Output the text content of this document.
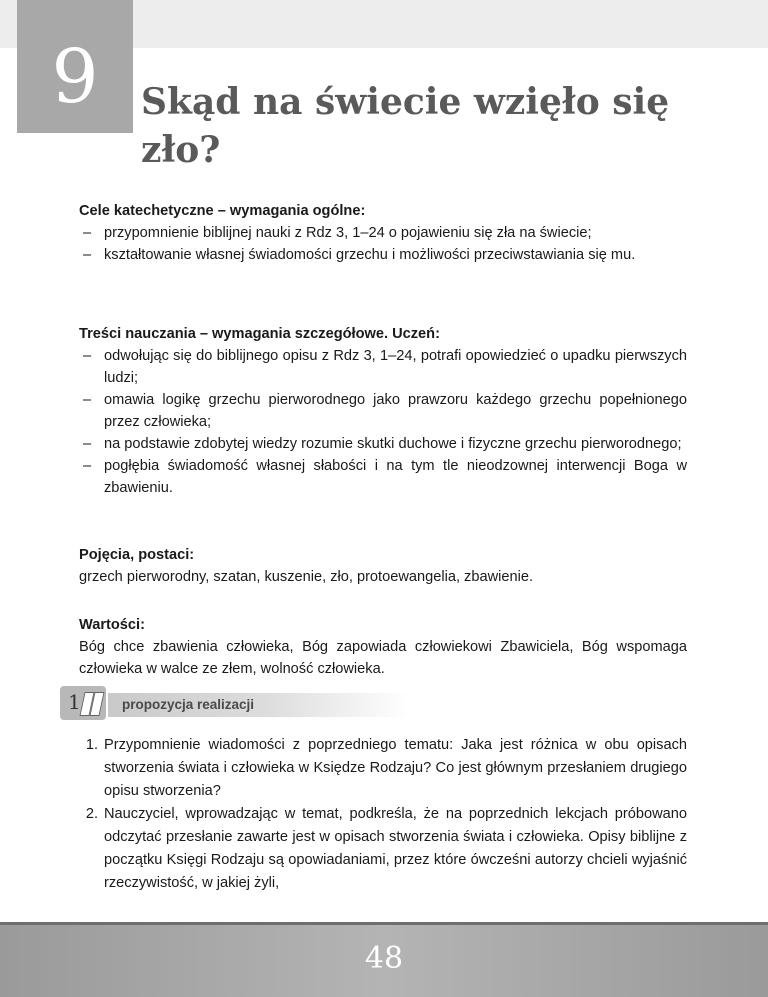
9	Skąd na świecie wzięło się zło?

Cele katechetyczne – wymagania ogólne:

– przypomnienie biblijnej nauki z Rdz 3, 1–24 o pojawieniu się zła na świecie;
– kształtowanie własnej świadomości grzechu i możliwości przeciwstawiania się mu.

Treści nauczania – wymagania szczegółowe. Uczeń:

– odwołując się do biblijnego opisu z Rdz 3, 1–24, potrafi opowiedzieć o upadku pierwszych ludzi;
– omawia logikę grzechu pierworodnego jako prawzoru każdego grzechu popełnionego przez człowieka;
– na podstawie zdobytej wiedzy rozumie skutki duchowe i fizyczne grzechu pierworodnego;
– pogłębia świadomość własnej słabości i na tym tle nieodzownej interwencji Boga w zbawieniu.

Pojęcia, postaci:

grzech pierworodny, szatan, kuszenie, zło, protoewangelia, zbawienie.

Wartości:

Bóg chce zbawienia człowieka, Bóg zapowiada człowiekowi Zbawiciela, Bóg wspomaga człowieka w walce ze złem, wolność człowieka.

1	propozycja realizacji
1. Przypomnienie wiadomości z poprzedniego tematu: Jaka jest różnica w obu opisach stworzenia świata i człowieka w Księdze Rodzaju? Co jest głównym przesłaniem drugiego opisu stworzenia?
2. Nauczyciel, wprowadzając w temat, podkreśla, że na poprzednich lekcjach próbowano odczytać przesłanie zawarte jest w opisach stworzenia świata i człowieka. Opisy biblijne z początku Księgi Rodzaju są opowiadaniami, przez które ówcześni autorzy chcieli wyjaśnić rzeczywistość, w jakiej żyli,
48
